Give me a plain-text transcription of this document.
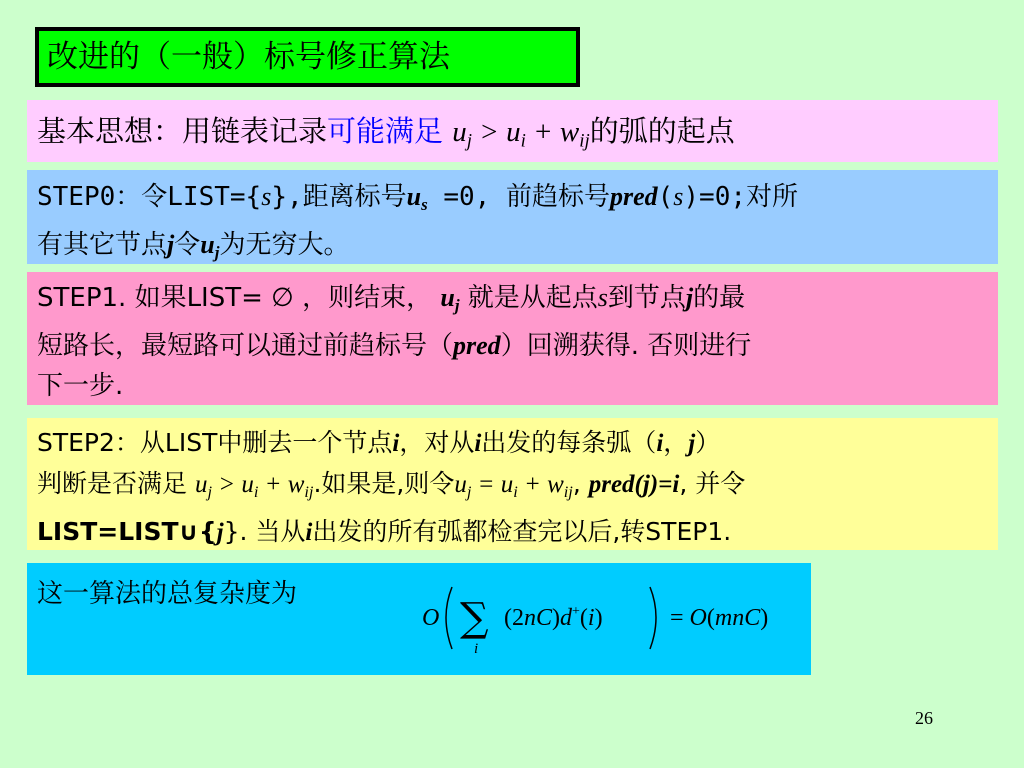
改进的（一般）标号修正算法
基本思想：用链表记录可能满足 $u_j > u_i + w_{ij}$的弧的起点
STEP0：令LIST={s},距离标号$u_s =0$, 前趋标号pred(s)=0;对所
有其它节点j令$u_j$为无穷大。
STEP1. 如果LIST= ∅ ，则结束， $u_j$ 就是从起点s到节点j的最
短路长，最短路可以通过前趋标号（pred）回溯获得. 否则进行
下一步.
STEP2：从LIST中删去一个节点i，对从i出发的每条弧（i，j）
判断是否满足 $u_j > u_i + w_{ij}$.如果是,则令$u_j = u_i + w_{ij}$, pred(j)=i, 并令
LIST=LIST∪{j}. 当从i出发的所有弧都检查完以后,转STEP1.
这一算法的总复杂度为
O ∑
i
(2nC)d+(i)	= O(mnC)
26
